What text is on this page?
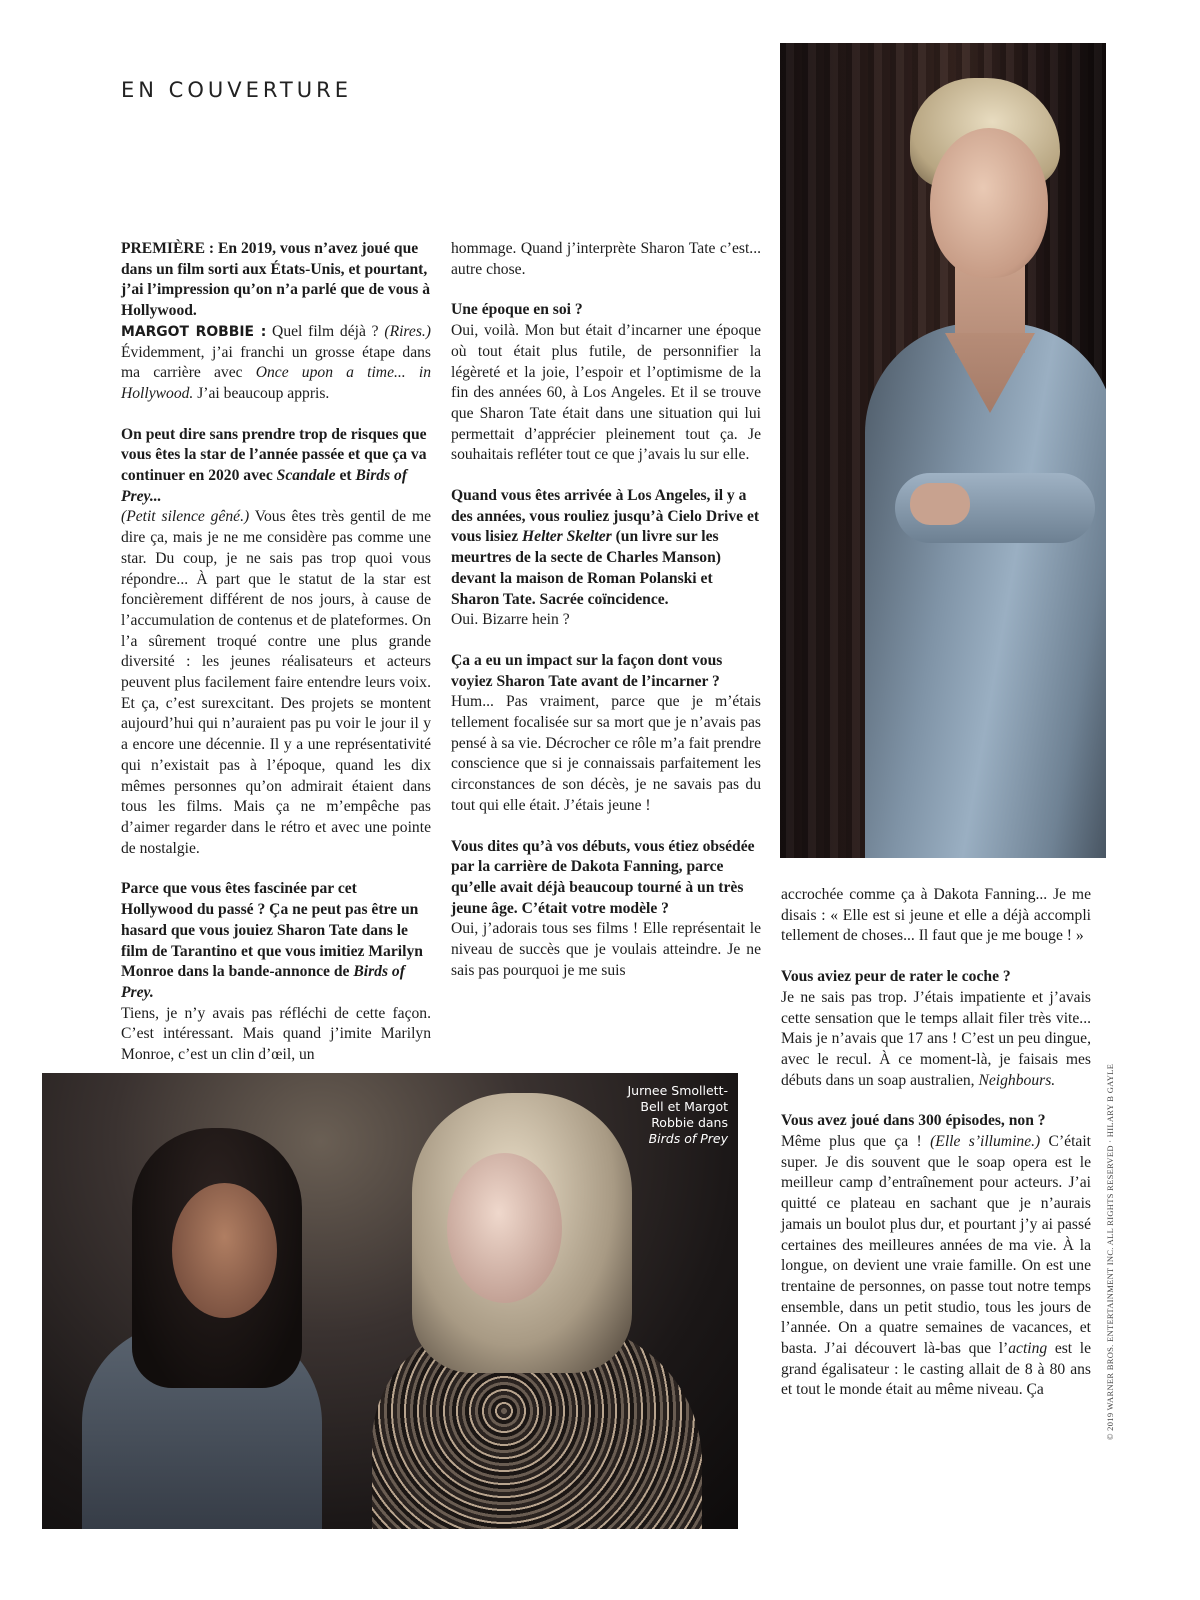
EN COUVERTURE

PREMIÈRE : En 2019, vous n’avez joué que dans un film sorti aux États-Unis, et pourtant, j’ai l’impression qu’on n’a parlé que de vous à Hollywood.

MARGOT ROBBIE : Quel film déjà ? (Rires.) Évidemment, j’ai franchi un grosse étape dans ma carrière avec Once upon a time... in Hollywood. J’ai beaucoup appris.

On peut dire sans prendre trop de risques que vous êtes la star de l’année passée et que ça va continuer en 2020 avec Scandale et Birds of Prey...

(Petit silence gêné.) Vous êtes très gentil de me dire ça, mais je ne me considère pas comme une star. Du coup, je ne sais pas trop quoi vous répondre... À part que le statut de la star est foncièrement différent de nos jours, à cause de l’accumulation de contenus et de plateformes. On l’a sûrement troqué contre une plus grande diversité : les jeunes réalisateurs et acteurs peuvent plus facilement faire entendre leurs voix. Et ça, c’est surexcitant. Des projets se montent aujourd’hui qui n’auraient pas pu voir le jour il y a encore une décennie. Il y a une représentativité qui n’existait pas à l’époque, quand les dix mêmes personnes qu’on admirait étaient dans tous les films. Mais ça ne m’empêche pas d’aimer regarder dans le rétro et avec une pointe de nostalgie.

Parce que vous êtes fascinée par cet Hollywood du passé ? Ça ne peut pas être un hasard que vous jouiez Sharon Tate dans le film de Tarantino et que vous imitiez Marilyn Monroe dans la bande-annonce de Birds of Prey.

Tiens, je n’y avais pas réfléchi de cette façon. C’est intéressant. Mais quand j’imite Marilyn Monroe, c’est un clin d’œil, un

hommage. Quand j’interprète Sharon Tate c’est... autre chose.

Une époque en soi ?

Oui, voilà. Mon but était d’incarner une époque où tout était plus futile, de personnifier la légèreté et la joie, l’espoir et l’optimisme de la fin des années 60, à Los Angeles. Et il se trouve que Sharon Tate était dans une situation qui lui permettait d’apprécier pleinement tout ça. Je souhaitais refléter tout ce que j’avais lu sur elle.

Quand vous êtes arrivée à Los Angeles, il y a des années, vous rouliez jusqu’à Cielo Drive et vous lisiez Helter Skelter (un livre sur les meurtres de la secte de Charles Manson) devant la maison de Roman Polanski et Sharon Tate. Sacrée coïncidence.

Oui. Bizarre hein ?

Ça a eu un impact sur la façon dont vous voyiez Sharon Tate avant de l’incarner ?

Hum... Pas vraiment, parce que je m’étais tellement focalisée sur sa mort que je n’avais pas pensé à sa vie. Décrocher ce rôle m’a fait prendre conscience que si je connaissais parfaitement les circonstances de son décès, je ne savais pas du tout qui elle était. J’étais jeune !

Vous dites qu’à vos débuts, vous étiez obsédée par la carrière de Dakota Fanning, parce qu’elle avait déjà beaucoup tourné à un très jeune âge. C’était votre modèle ?

Oui, j’adorais tous ses films ! Elle représentait le niveau de succès que je voulais atteindre. Je ne sais pas pourquoi je me suis

accrochée comme ça à Dakota Fanning... Je me disais : « Elle est si jeune et elle a déjà accompli tellement de choses... Il faut que je me bouge ! »

Vous aviez peur de rater le coche ?

Je ne sais pas trop. J’étais impatiente et j’avais cette sensation que le temps allait filer très vite... Mais je n’avais que 17 ans ! C’est un peu dingue, avec le recul. À ce moment-là, je faisais mes débuts dans un soap australien, Neighbours.

Vous avez joué dans 300 épisodes, non ?

Même plus que ça ! (Elle s’illumine.) C’était super. Je dis souvent que le soap opera est le meilleur camp d’entraînement pour acteurs. J’ai quitté ce plateau en sachant que je n’aurais jamais un boulot plus dur, et pourtant j’y ai passé certaines des meilleures années de ma vie. À la longue, on devient une vraie famille. On est une trentaine de personnes, on passe tout notre temps ensemble, dans un petit studio, tous les jours de l’année. On a quatre semaines de vacances, et basta. J’ai découvert là-bas que l’acting est le grand égalisateur : le casting allait de 8 à 80 ans et tout le monde était au même niveau. Ça

Jurnee Smollett-
Bell et Margot
Robbie dans
Birds of Prey	© 2019 WARNER BROS. ENTERTAINMENT INC. ALL RIGHTS RESERVED · HILARY B GAYLE
